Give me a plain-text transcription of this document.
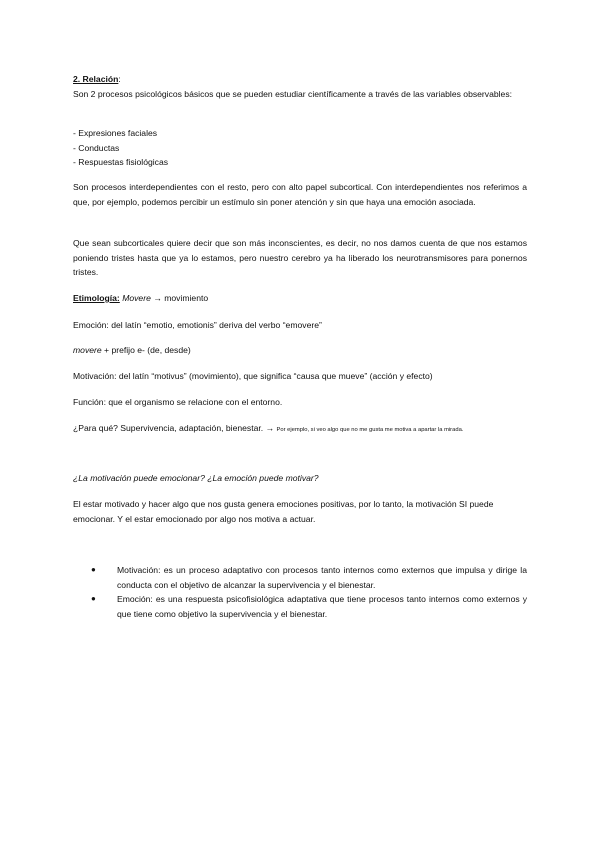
2. Relación:
Son 2 procesos psicológicos básicos que se pueden estudiar científicamente a través de las variables observables:
- Expresiones faciales
- Conductas
- Respuestas fisiológicas
Son procesos interdependientes con el resto, pero con alto papel subcortical. Con interdependientes nos referimos a que, por ejemplo, podemos percibir un estímulo sin poner atención y sin que haya una emoción asociada.
Que sean subcorticales quiere decir que son más inconscientes, es decir, no nos damos cuenta de que nos estamos poniendo tristes hasta que ya lo estamos, pero nuestro cerebro ya ha liberado los neurotransmisores para ponernos tristes.
Etimología: Movere → movimiento
Emoción: del latín “emotio, emotionis” deriva del verbo “emovere”
movere + prefijo e- (de, desde)
Motivación: del latín “motivus” (movimiento), que significa “causa que mueve” (acción y efecto)
Función: que el organismo se relacione con el entorno.
¿Para qué? Supervivencia, adaptación, bienestar. → Por ejemplo, si veo algo que no me gusta me motiva a apartar la mirada.
¿La motivación puede emocionar? ¿La emoción puede motivar?
El estar motivado y hacer algo que nos gusta genera emociones positivas, por lo tanto, la motivación SI puede emocionar. Y el estar emocionado por algo nos motiva a actuar.
● Motivación: es un proceso adaptativo con procesos tanto internos como externos que impulsa y dirige la conducta con el objetivo de alcanzar la supervivencia y el bienestar.
● Emoción: es una respuesta psicofisiológica adaptativa que tiene procesos tanto internos como externos y que tiene como objetivo la supervivencia y el bienestar.
